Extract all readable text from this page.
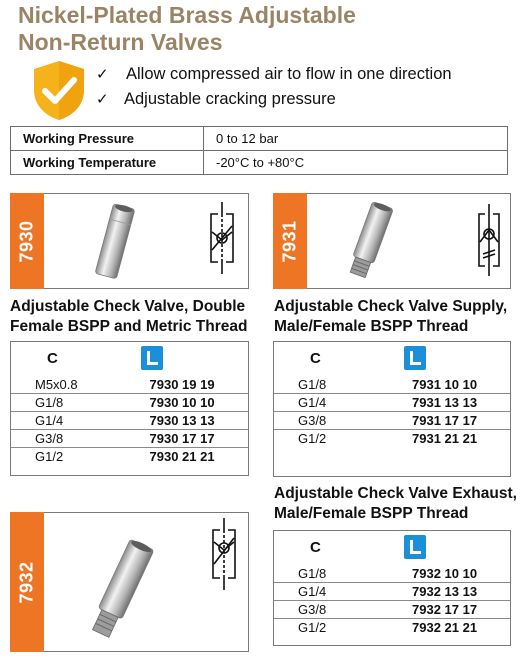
Nickel-Plated Brass Adjustable
Non-Return Valves
✓ Allow compressed air to flow in one direction
✓ Adjustable cracking pressure
Working Pressure	0 to 12 bar
Working Temperature	-20°C to +80°C
7930
Adjustable Check Valve, Double
Female BSPP and Metric Thread
C
M5x0.8	7930 19 19
G1/8	7930 10 10
G1/4	7930 13 13
G3/8	7930 17 17
G1/2	7930 21 21
7931
Adjustable Check Valve Supply,
Male/Female BSPP Thread
C
G1/8	7931 10 10
G1/4	7931 13 13
G3/8	7931 17 17
G1/2	7931 21 21
7932
Adjustable Check Valve Exhaust,
Male/Female BSPP Thread
C
G1/8	7932 10 10
G1/4	7932 13 13
G3/8	7932 17 17
G1/2	7932 21 21
